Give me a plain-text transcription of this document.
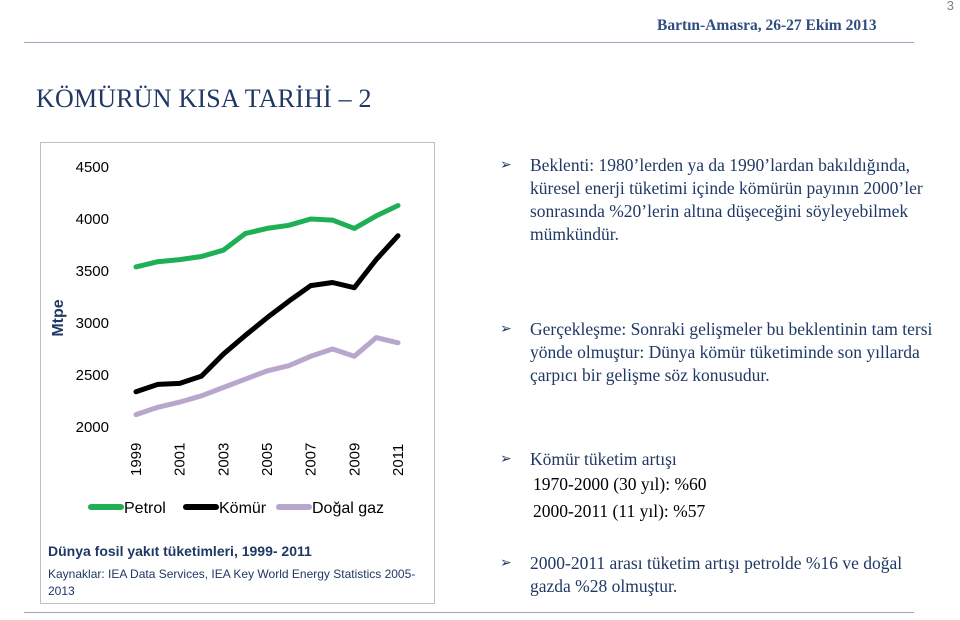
3
Bartın-Amasra, 26-27 Ekim 2013
KÖMÜRÜN KISA TARİHİ – 2
Mtpe
4500
4000
3500
3000
2500
2000
1999 2001 2003 2005 2007 2009 2011
Petrol	Kömür	Doğal gaz
Dünya fosil yakıt tüketimleri, 1999- 2011
Kaynaklar: IEA Data Services, IEA Key World Energy Statistics 2005-2013
➢ Beklenti: 1980’lerden ya da 1990’lardan bakıldığında, küresel enerji tüketimi içinde kömürün payının 2000’ler sonrasında %20’lerin altına düşeceğini söyleyebilmek mümkündür.
➢ Gerçekleşme: Sonraki gelişmeler bu beklentinin tam tersi yönde olmuştur: Dünya kömür tüketiminde son yıllarda çarpıcı bir gelişme söz konusudur.
➢ Kömür tüketim artışı
1970-2000 (30 yıl): %60
2000-2011 (11 yıl): %57
➢ 2000-2011 arası tüketim artışı petrolde %16 ve doğal gazda %28 olmuştur.
